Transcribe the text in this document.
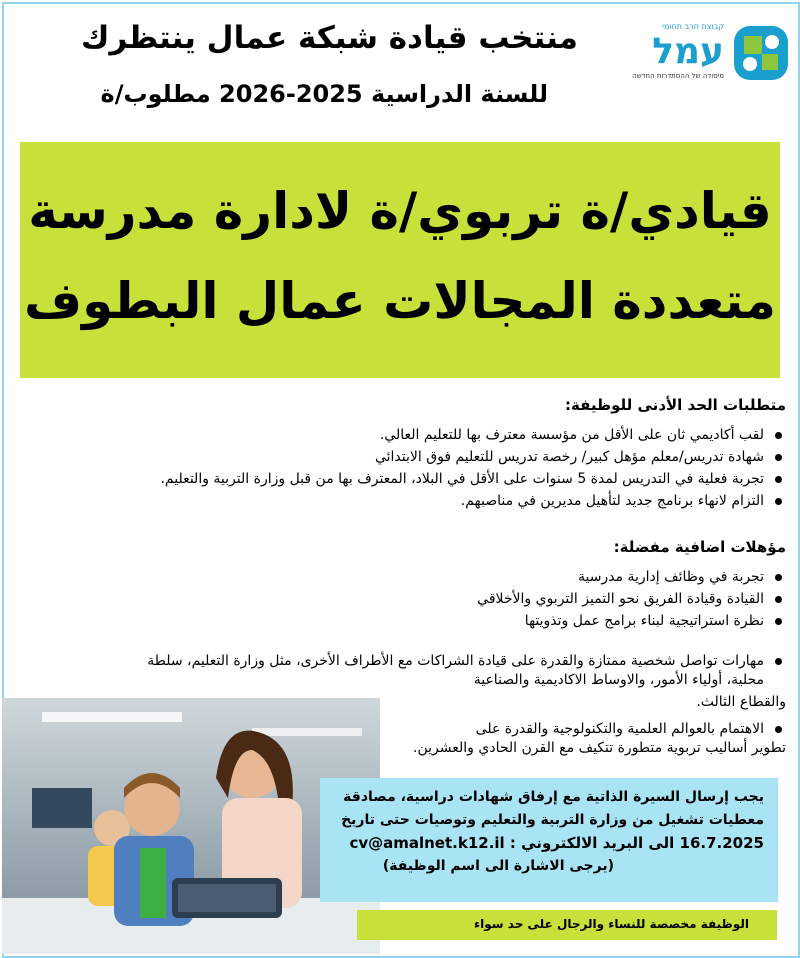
קבוצת חרב תחומי
עמל
מיסודה של ההסתדרות החדשה
منتخب قيادة شبكة عمال ينتظرك
للسنة الدراسية 2025-2026 مطلوب/ة
قيادي/ة تربوي/ة لادارة مدرسة
متعددة المجالات عمال البطوف
متطلبات الحد الأدنى للوظيفة:
لقب أكاديمي ثان على الأقل من مؤسسة معترف بها للتعليم العالي.
شهادة تدريس/معلم مؤهل كبير/ رخصة تدريس للتعليم فوق الابتدائي
تجربة فعلية في التدريس لمدة 5 سنوات على الأقل في البلاد، المعترف بها من قبل وزارة التربية والتعليم.
التزام لانهاء برنامج جديد لتأهيل مديرين في مناصبهم.
مؤهلات اضافية مفضلة:
تجربة في وظائف إدارية مدرسية
القيادة وقيادة الفريق نحو التميز التربوي والأخلاقي
نظرة استراتيجية لبناء برامج عمل وتذويتها
مهارات تواصل شخصية ممتازة والقدرة على قيادة الشراكات مع الأطراف الأخرى، مثل وزارة التعليم، سلطة
محلية، أولياء الأمور، والاوساط الاكاديمية والصناعية
والقطاع الثالث.
الاهتمام بالعوالم العلمية والتكنولوجية والقدرة على
تطوير أساليب تربوية متطورة تتكيف مع القرن الحادي والعشرين.
يجب إرسال السيرة الذاتية مع إرفاق شهادات دراسية، مصادقة
معطيات تشغيل من وزارة التربية والتعليم وتوصيات حتى تاريخ
16.7.2025 الى البريد الالكتروني : cv@amalnet.k12.il
(يرجى الاشارة الى اسم الوظيفة)
الوظيفة مخصصة للنساء والرجال على حد سواء
